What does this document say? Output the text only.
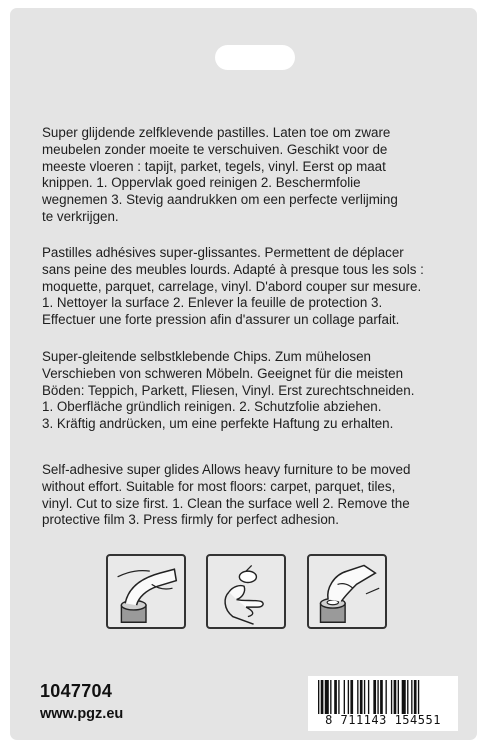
Super glijdende zelfklevende pastilles. Laten toe om zware
meubelen zonder moeite te verschuiven. Geschikt voor de
meeste vloeren : tapijt, parket, tegels, vinyl. Eerst op maat
knippen. 1. Oppervlak goed reinigen 2. Beschermfolie
wegnemen 3. Stevig aandrukken om een perfecte verlijming
te verkrijgen.

Pastilles adhésives super-glissantes. Permettent de déplacer
sans peine des meubles lourds. Adapté à presque tous les sols :
moquette, parquet, carrelage, vinyl. D'abord couper sur mesure.
1. Nettoyer la surface 2. Enlever la feuille de protection 3.
Effectuer une forte pression afin d'assurer un collage parfait.

Super-gleitende selbstklebende Chips. Zum mühelosen
Verschieben von schweren Möbeln. Geeignet für die meisten
Böden: Teppich, Parkett, Fliesen, Vinyl. Erst zurechtschneiden.
1. Oberfläche gründlich reinigen. 2. Schutzfolie abziehen.
3. Kräftig andrücken, um eine perfekte Haftung zu erhalten.

Self-adhesive super glides Allows heavy furniture to be moved
without effort. Suitable for most floors: carpet, parquet, tiles,
vinyl. Cut to size first. 1. Clean the surface well 2. Remove the
protective film 3. Press firmly for perfect adhesion.

1047704
www.pgz.eu	8 711143 154551
